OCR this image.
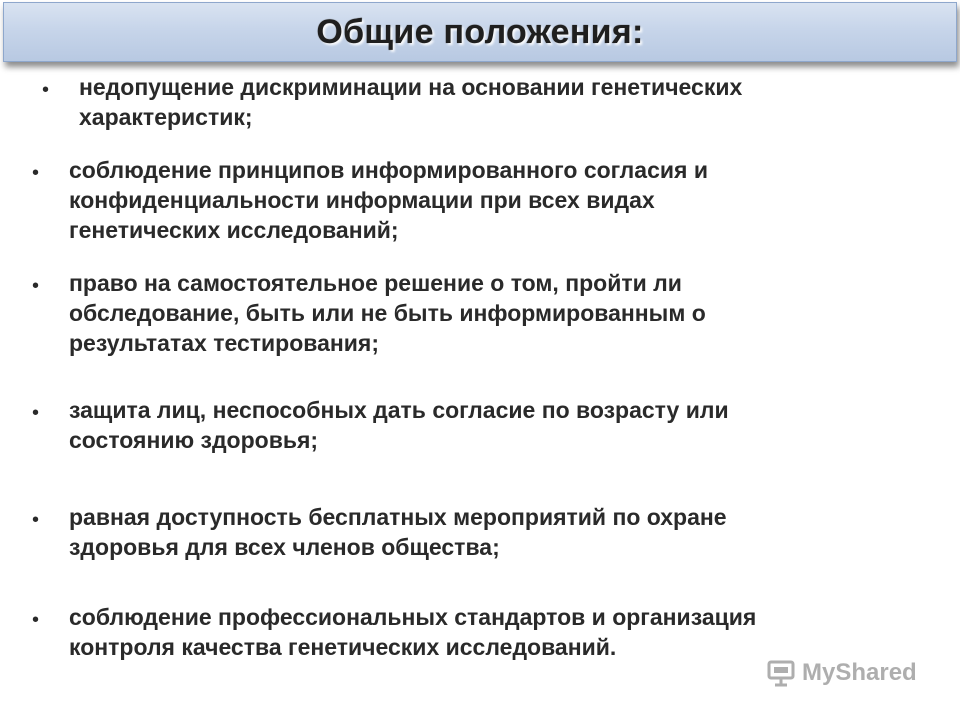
Общие положения:
• недопущение дискриминации на основании генетических
характеристик;
• соблюдение принципов информированного согласия и
конфиденциальности информации при всех видах
генетических исследований;
• право на самостоятельное решение о том, пройти ли
обследование, быть или не быть информированным о
результатах тестирования;
• защита лиц, неспособных дать согласие по возрасту или
состоянию здоровья;
• равная доступность бесплатных мероприятий по охране
здоровья для всех членов общества;
• соблюдение профессиональных стандартов и организация
контроля качества генетических исследований.
MyShared
